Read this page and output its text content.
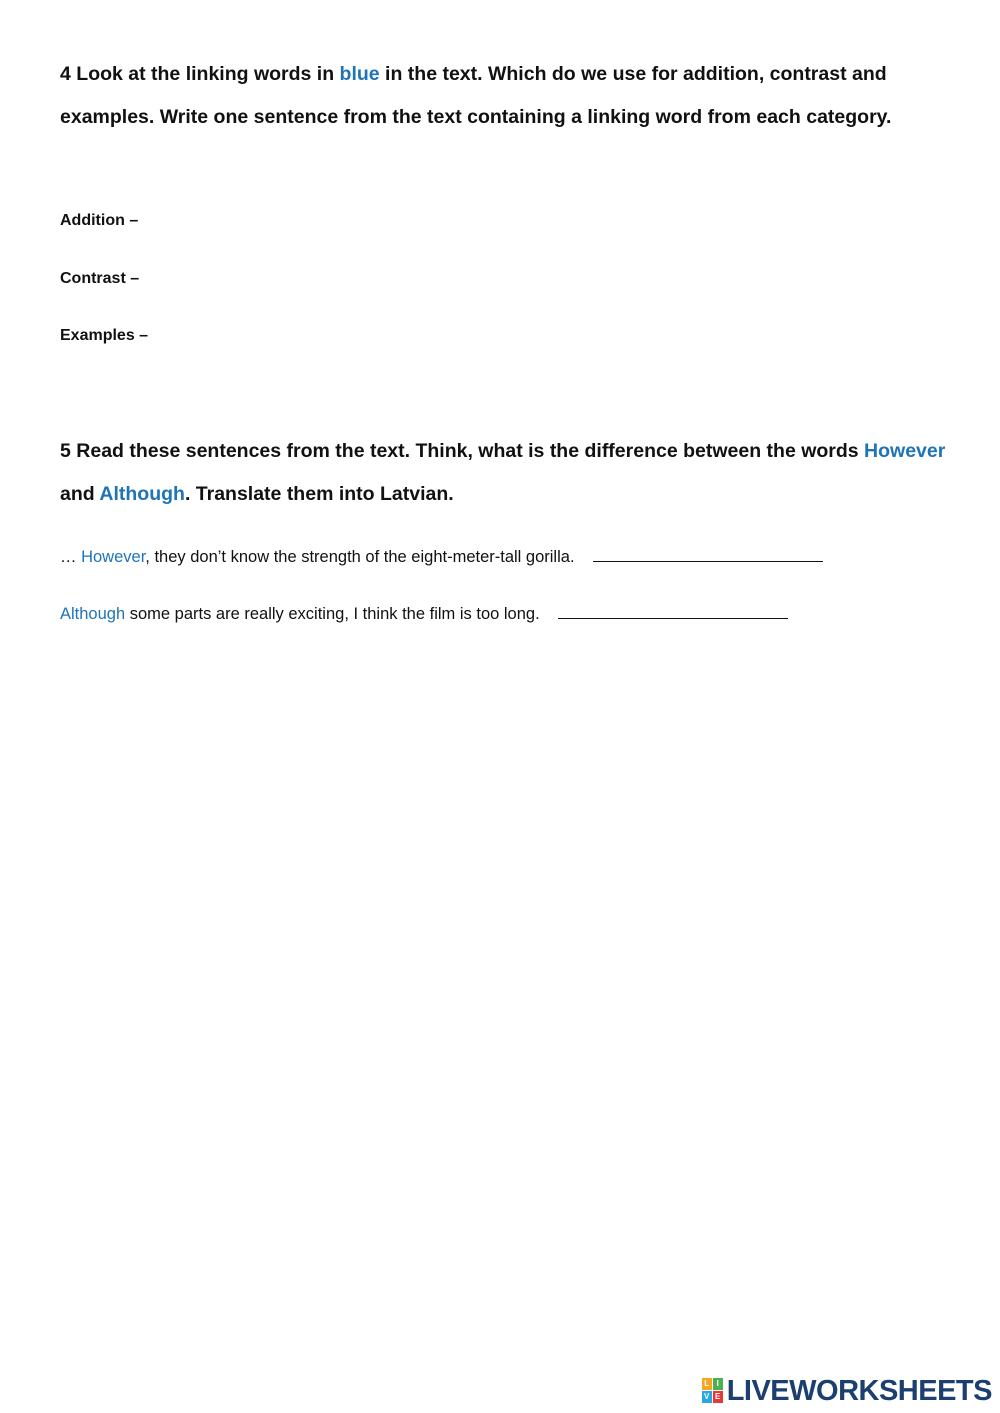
4 Look at the linking words in blue in the text. Which do we use for addition, contrast and examples. Write one sentence from the text containing a linking word from each category.

Addition –

Contrast –

Examples –

5 Read these sentences from the text. Think, what is the difference between the words However and Although. Translate them into Latvian.

… However, they don’t know the strength of the eight-meter-tall gorilla.

Although some parts are really exciting, I think the film is too long.

L I
V E LIVEWORKSHEETS
